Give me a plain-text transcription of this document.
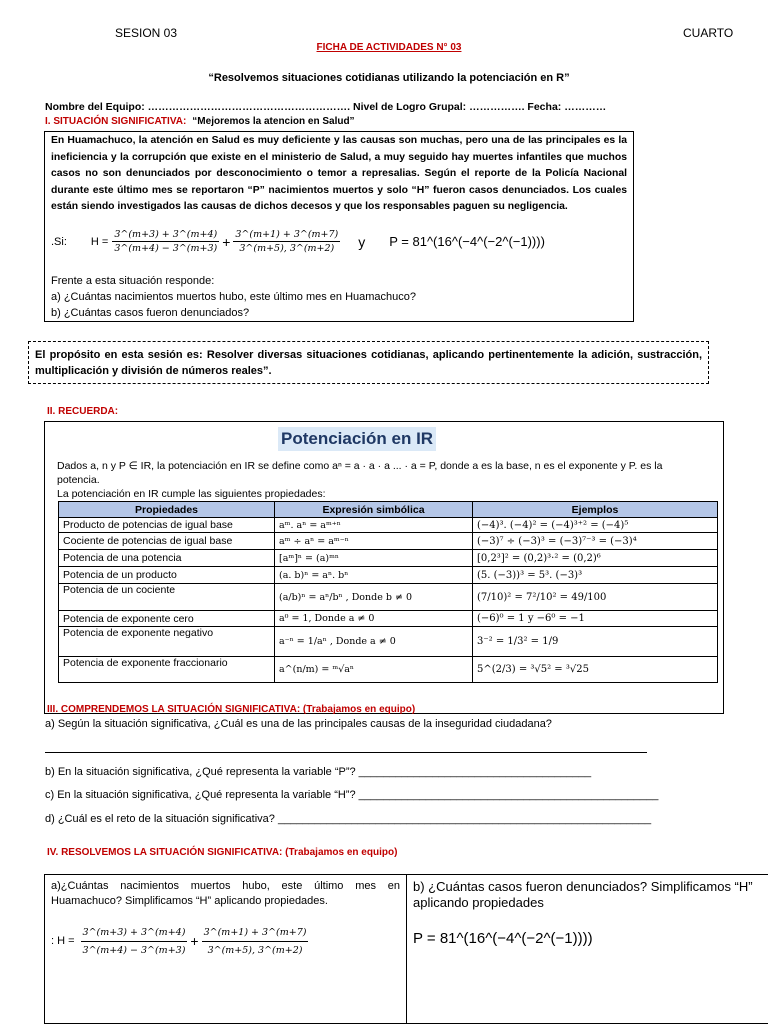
SESION 03	CUARTO
FICHA DE ACTIVIDADES N° 03
“Resolvemos situaciones cotidianas utilizando la potenciación en R”
Nombre del Equipo: …………………………………………………. Nivel de Logro Grupal: ……………. Fecha: …………
I. SITUACIÓN SIGNIFICATIVA: “Mejoremos la atencion en Salud”
En Huamachuco, la atención en Salud es muy deficiente y las causas son muchas, pero una de las principales es la ineficiencia y la corrupción que existe en el ministerio de Salud, a muy seguido hay muertes infantiles que muchos casos no son denunciados por desconocimiento o temor a represalias. Según el reporte de la Policía Nacional durante este último mes se reportaron “P” nacimientos muertos y solo “H” fueron casos denunciados. Los cuales están siendo investigados las causas de dichos decesos y que los responsables paguen su negligencia.
.Si: $H = \frac{3\^{}(m+3) + 3\^{}(m+4)}{3\^{}(m+4) - 3\^{}(m+3)} + \frac{3\^{}(m+1) + 3\^{}(m+7)}{3\^{}(m+5), 3\^{}(m+2)}$ y P = 81^(16^(−4^(−2^(−1))))
Frente a esta situación responde:
a) ¿Cuántas nacimientos muertos hubo, este último mes en Huamachuco?
b) ¿Cuántas casos fueron denunciados?
El propósito en esta sesión es: Resolver diversas situaciones cotidianas, aplicando pertinentemente la adición, sustracción, multiplicación y división de números reales”.
II. RECUERDA:
Potenciación en IR
Dados a, n y P ∈ IR, la potenciación en IR se define como aⁿ = a · a · a ... · a = P, donde a es la base, n es el exponente y P. es la potencia.
La potenciación en IR cumple las siguientes propiedades:
Propiedades	Expresión simbólica	Ejemplos
Producto de potencias de igual base	aᵐ. aⁿ = aᵐ⁺ⁿ	(−4)³. (−4)² = (−4)³⁺² = (−4)⁵
Cociente de potencias de igual base	aᵐ ÷ aⁿ = aᵐ⁻ⁿ	(−3)⁷ ÷ (−3)³ = (−3)⁷⁻³ = (−3)⁴
Potencia de una potencia	[aᵐ]ⁿ = (a)ᵐⁿ	[0,2³]² = (0,2)³·² = (0,2)⁶
Potencia de un producto	(a. b)ⁿ = aⁿ. bⁿ	(5. (−3))³ = 5³. (−3)³
Potencia de un cociente	(a/b)ⁿ = aⁿ/bⁿ , Donde b ≠ 0	(7/10)² = 7²/10² = 49/100
Potencia de exponente cero	a⁰ = 1, Donde a ≠ 0	(−6)⁰ = 1 y −6⁰ = −1
Potencia de exponente negativo	a⁻ⁿ = 1/aⁿ , Donde a ≠ 0	3⁻² = 1/3² = 1/9
Potencia de exponente fraccionario	a^(n/m) = ᵐ√aⁿ	5^(2/3) = ³√5² = ³√25
III. COMPRENDEMOS LA SITUACIÓN SIGNIFICATIVA: (Trabajamos en equipo)
a) Según la situación significativa, ¿Cuál es una de las principales causas de la inseguridad ciudadana?
b) En la situación significativa, ¿Qué representa la variable “P”? ______________________________________
c) En la situación significativa, ¿Qué representa la variable “H”? _________________________________________________
d) ¿Cuál es el reto de la situación significativa? _____________________________________________________________
IV. RESOLVEMOS LA SITUACIÓN SIGNIFICATIVA: (Trabajamos en equipo)
a)¿Cuántas nacimientos muertos hubo, este último mes en Huamachuco? Simplificamos “H” aplicando propiedades.
: $H = \frac{3\^{}(m+3) + 3\^{}(m+4)}{3\^{}(m+4) - 3\^{}(m+3)} + \frac{3\^{}(m+1) + 3\^{}(m+7)}{3\^{}(m+5), 3\^{}(m+2)}$
b) ¿Cuántas casos fueron denunciados? Simplificamos “H” aplicando propiedades
P = 81^(16^(−4^(−2^(−1))))
